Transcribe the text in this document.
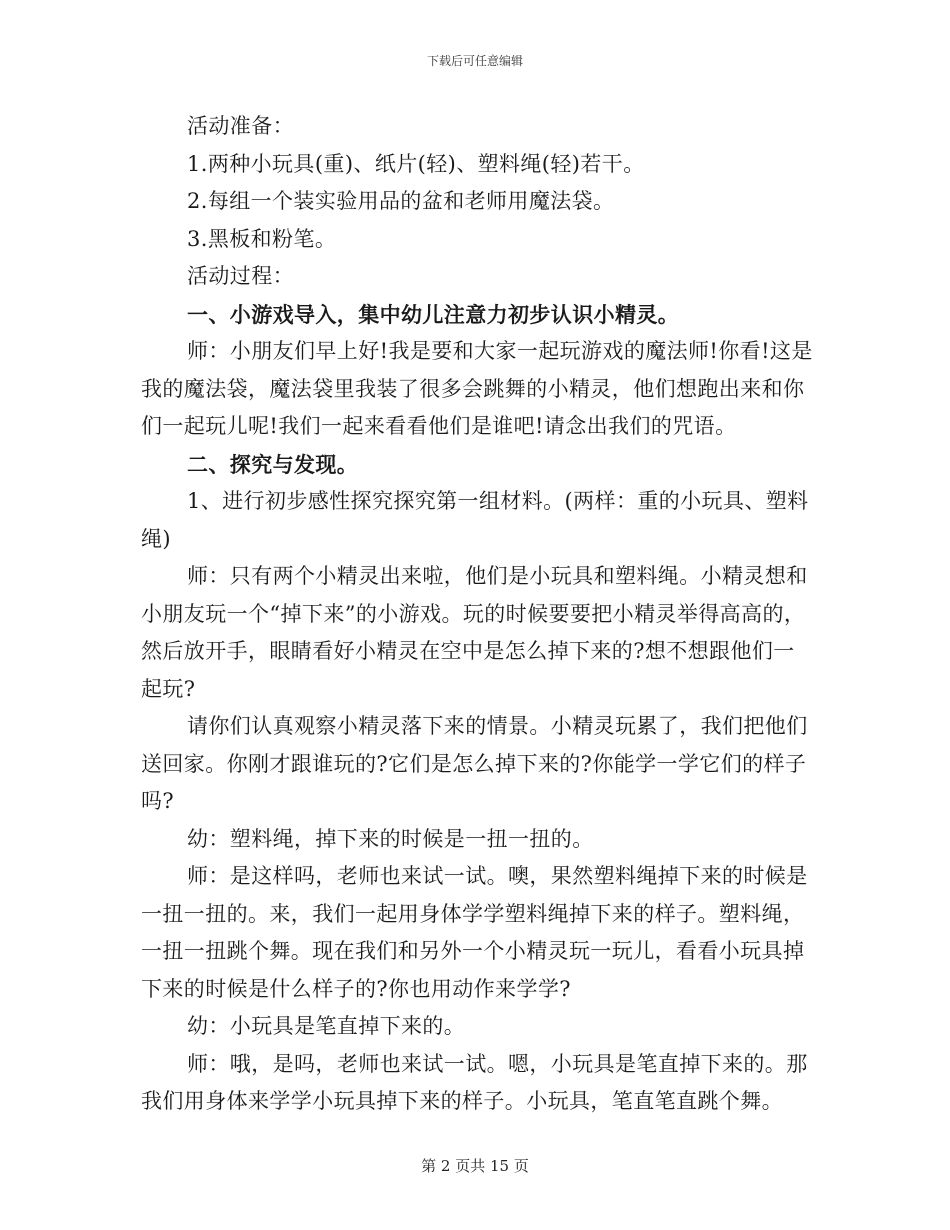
下载后可任意编辑

活动准备：

1.两种小玩具(重)、纸片(轻)、塑料绳(轻)若干。

2.每组一个装实验用品的盆和老师用魔法袋。

3.黑板和粉笔。

活动过程：

一、小游戏导入，集中幼儿注意力初步认识小精灵。

师：小朋友们早上好!我是要和大家一起玩游戏的魔法师!你看!这是我的魔法袋，魔法袋里我装了很多会跳舞的小精灵，他们想跑出来和你们一起玩儿呢!我们一起来看看他们是谁吧!请念出我们的咒语。

二、探究与发现。

1、进行初步感性探究探究第一组材料。(两样：重的小玩具、塑料绳)

师：只有两个小精灵出来啦，他们是小玩具和塑料绳。小精灵想和小朋友玩一个“掉下来”的小游戏。玩的时候要要把小精灵举得高高的，然后放开手，眼睛看好小精灵在空中是怎么掉下来的?想不想跟他们一起玩?

请你们认真观察小精灵落下来的情景。小精灵玩累了，我们把他们送回家。你刚才跟谁玩的?它们是怎么掉下来的?你能学一学它们的样子吗?

幼：塑料绳，掉下来的时候是一扭一扭的。

师：是这样吗，老师也来试一试。噢，果然塑料绳掉下来的时候是一扭一扭的。来，我们一起用身体学学塑料绳掉下来的样子。塑料绳，一扭一扭跳个舞。现在我们和另外一个小精灵玩一玩儿，看看小玩具掉下来的时候是什么样子的?你也用动作来学学?

幼：小玩具是笔直掉下来的。

师：哦，是吗，老师也来试一试。嗯，小玩具是笔直掉下来的。那我们用身体来学学小玩具掉下来的样子。小玩具，笔直笔直跳个舞。

第 2 页共 15 页
